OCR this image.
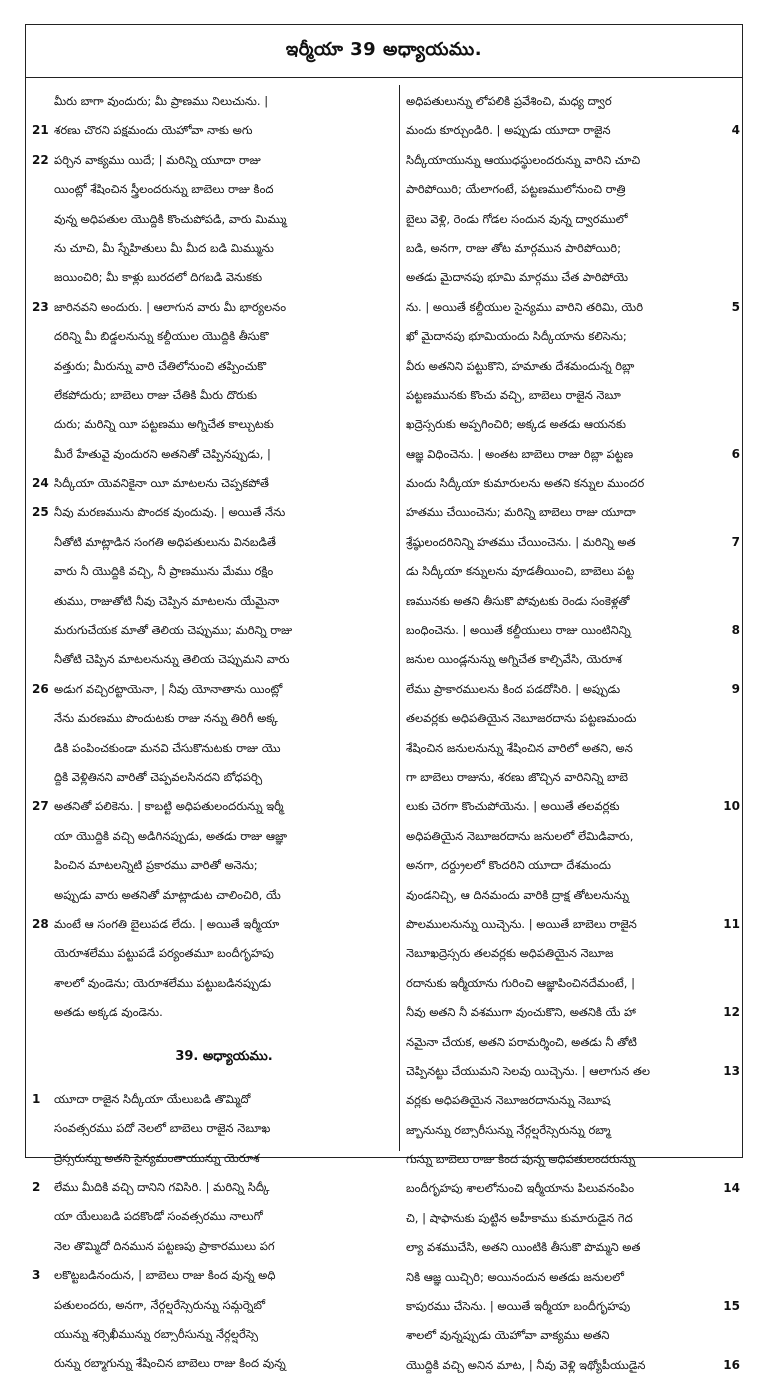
ఇర్మీయా 39 అధ్యాయము.
మీరు బాగా వుందురు; మీ ప్రాణము నిలుచును. |
21 శరణు చొరని పక్షమందు యెహోవా నాకు అగు
22 పర్చిన వాక్యము యిదే; | మరిన్ని యూదా రాజు
యింట్లో శేషించిన స్త్రీలందరున్ను బాబెలు రాజు కింద
వున్న అధిపతుల యొద్దికి కొంచుపోపడి, వారు మిమ్ము
ను చూచి, మీ స్నేహితులు మీ మీద బడి మిమ్మును
జయించిరి; మీ కాళ్లు బురదలో దిగబడి వెనుకకు
23 జారినవని అందురు. | ఆలాగున వారు మీ భార్యలనం
దరిన్ని మీ బిడ్డలనున్ను కల్దీయుల యొద్దికి తీసుకొ
వత్తురు; మీరున్ను వారి చేతిలోనుంచి తప్పించుకొ
లేకపోదురు; బాబెలు రాజు చేతికి మీరు దొరుకు
దురు; మరిన్ని యీ పట్టణము అగ్నిచేత కాల్చుటకు
మీరే హేతువై వుందురని అతనితో చెప్పినప్పుడు, |
24 సిద్కీయా యెవనికైనా యీ మాటలను చెప్పకపోతే
25 నీవు మరణమును పొందక వుందువు. | అయితే నేను
నీతోటి మాట్లాడిన సంగతి అధిపతులును వినబడితే
వారు నీ యొద్దికి వచ్చి, నీ ప్రాణమును మేము రక్షిం
తుము, రాజుతోటి నీవు చెప్పిన మాటలను యేమైనా
మరుగుచేయక మాతో తెలియ చెప్పుము; మరిన్ని రాజు
నీతోటి చెప్పిన మాటలనున్ను తెలియ చెప్పుమని వారు
26 అడుగ వచ్చిరట్టాయెనా, | నీవు యోనాతాను యింట్లో
నేను మరణము పొందుటకు రాజు నన్ను తిరిగీ అక్క
డికి పంపించకుండా మనవి చేసుకొనుటకు రాజు యొ
ద్దికి వెళ్లితినని వారితో చెప్పవలసినదని బోధపర్చి
27 అతనితో పలికెను. | కాబట్టి అధిపతులందరున్ను ఇర్మీ
యా యొద్దికి వచ్చి అడిగినప్పుడు, అతడు రాజు ఆజ్ఞా
పించిన మాటలన్నిటి ప్రకారము వారితో అనెను;
అప్పుడు వారు అతనితో మాట్లాడుట చాలించిరి, యే
28 మంటే ఆ సంగతి బైలుపడ లేదు. | అయితే ఇర్మీయా
యెరూశలేము పట్టుపడే పర్యంతమూ బందీగృహపు
శాలలో వుండెను; యెరూశలేము పట్టుబడినప్పుడు
అతడు అక్కడ వుండెను.
39. అధ్యాయము.
1 యూదా రాజైన సిద్కీయా యేలుబడి తొమ్మిదో
సంవత్సరము పదో నెలలో బాబెలు రాజైన నెబూఖ
ద్రెస్సరున్ను అతని సైన్యమంతాయున్ను యెరూశ
2 లేము మీదికి వచ్చి దానిని గవిసిరి. | మరిన్ని సిద్కీ
యా యేలుబడి పదకొండో సంవత్సరము నాలుగో
నెల తొమ్మిదో దినమున పట్టణపు ప్రాకారములు పగ
3 లకొట్టబడినందున, | బాబెలు రాజు కింద వున్న అధి
పతులందరు, అనగా, నేర్గల్షరేస్సెరున్ను సమ్గర్నెబో
యున్ను శర్సెఖీమున్ను రబ్సారీసున్ను నేర్గల్షరేస్సె
రున్ను రబ్మాగున్ను శేషించిన బాబెలు రాజు కింద వున్న
అధిపతులున్ను లోపలికి ప్రవేశించి, మధ్య ద్వార
4
మందు కూర్చుండిరి. | అప్పుడు యూదా రాజైన
సిద్కీయాయున్ను ఆయుధస్థులందరున్ను వారిని చూచి
పారిపోయిరి; యేలాగంటే, పట్టణములోనుంచి రాత్రి
బైలు వెళ్లి, రెండు గోడల సందున వున్న ద్వారములో
బడి, అనగా, రాజు తోట మార్గమున పారిపోయిరి;
అతడు మైదానపు భూమి మార్గము చేత పారిపోయె
5
ను. | అయితే కల్దీయుల సైన్యము వారిని తరిమి, యెరి
ఖో మైదానపు భూమియందు సిద్కీయాను కలిసెను;
వీరు అతనిని పట్టుకొని, హమాతు దేశమందున్న రిబ్లా
పట్టణమునకు కొంచు వచ్చి, బాబెలు రాజైన నెబూ
ఖద్రెస్సరుకు అప్పగించిరి; అక్కడ అతడు ఆయనకు
6
ఆజ్ఞ విధించెను. | అంతట బాబెలు రాజు రిబ్లా పట్టణ
మందు సిద్కీయా కుమారులను అతని కన్నుల ముందర
హతము చేయించెను; మరిన్ని బాబెలు రాజు యూదా
7
శ్రేష్ఠులందరినిన్ని హతము చేయించెను. | మరిన్ని అత
డు సిద్కీయా కన్నులను వూడతీయించి, బాబెలు పట్ట
ణమునకు అతని తీసుకొ పోవుటకు రెండు సంకెళ్లతో
8
బంధించెను. | అయితే కల్దీయులు రాజు యింటినిన్ని
జనుల యిండ్లనున్ను అగ్నిచేత కాల్చివేసి, యెరూశ
9
లేము ప్రాకారములను కింద పడదోసిరి. | అప్పుడు
తలవర్లకు అధిపతియైన నెబూజరదాను పట్టణమందు
శేషించిన జనులనున్ను శేషించిన వారిలో అతని, అన
గా బాబెలు రాజును, శరణు జొచ్చిన వారినిన్ని బాబె
10
లుకు చెరగా కొంచుపోయెను. | అయితే తలవర్లకు
అధిపతియైన నెబూజరదాను జనులలో లేమిడివారు,
అనగా, దర్ద్రులలో కొందరిని యూదా దేశమందు
వుండనిచ్చి, ఆ దినమందు వారికి ద్రాక్ష తోటలనున్ను
11
పొలములనున్ను యిచ్చెను. | అయితే బాబెలు రాజైన
నెబూఖద్రెస్సరు తలవర్లకు అధిపతియైన నెబూజ
రదానుకు ఇర్మీయాను గురించి ఆజ్ఞాపించినదేమంటే, |
12
నీవు అతని నీ వశముగా వుంచుకొని, అతనికి యే హా
నమైనా చేయక, అతని పరామర్శించి, అతడు నీ తోటి
13
చెప్పినట్టు చేయుమని సెలవు యిచ్చెను. | ఆలాగున తల
వర్లకు అధిపతియైన నెబూజరదానున్ను నెబూష
జ్బానున్ను రబ్సారీసున్ను నేర్గల్షరేస్సెరున్ను రబ్మా
గున్ను బాబెలు రాజు కింద వున్న అధిపతులందరున్ను
14
బందీగృహపు శాలలోనుంచి ఇర్మీయాను పిలువనంపిం
చి, | షాఫానుకు పుట్టిన అహీకాము కుమారుడైన గెద
ల్యా వశముచేసి, అతని యింటికి తీసుకొ పొమ్మని అత
నికి ఆజ్ఞ యిచ్చిరి; అయినందున అతడు జనులలో
15
కాపురము చేసెను. | అయితే ఇర్మీయా బందీగృహపు
శాలలో వున్నప్పుడు యెహోవా వాక్యము అతని
16
యొద్దికి వచ్చి అనిన మాట, | నీవు వెళ్లి ఇథ్యోపీయుడైన
